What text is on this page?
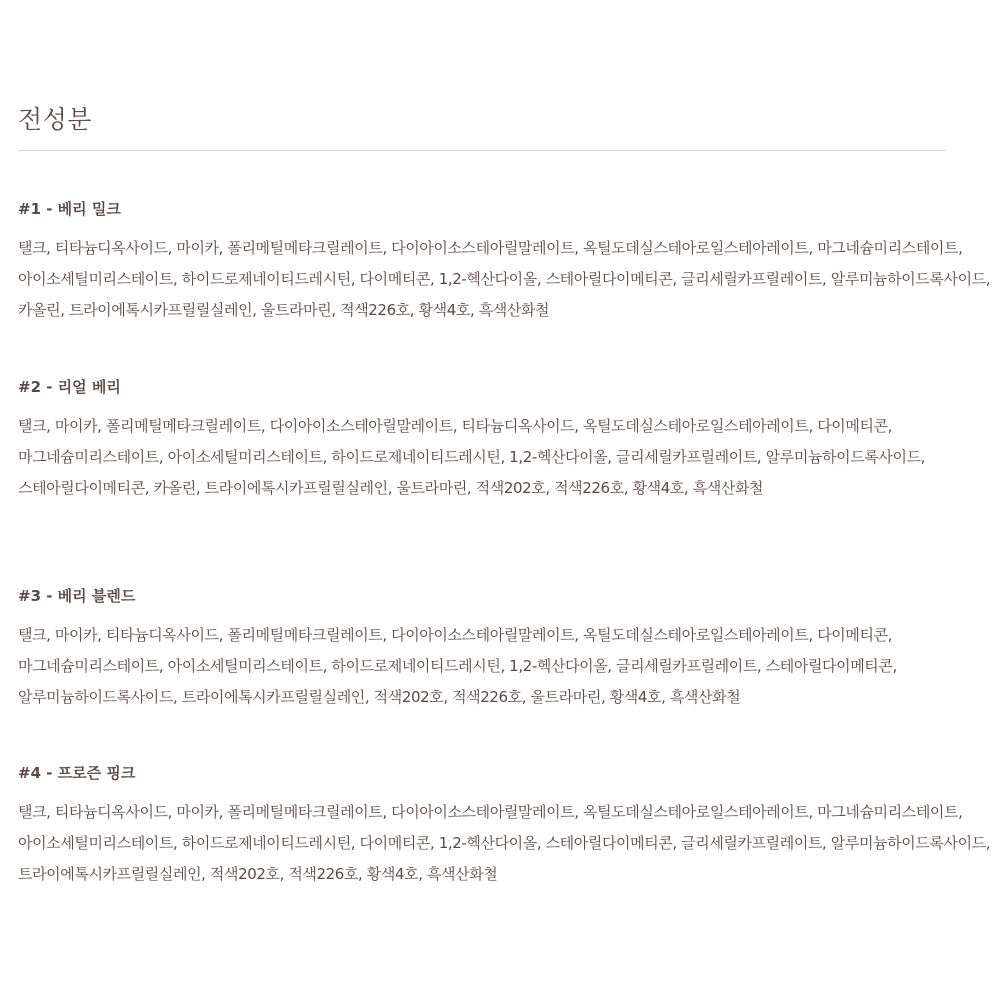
전성분
#1 - 베리 밀크

탤크, 티타늄디옥사이드, 마이카, 폴리메틸메타크릴레이트, 다이아이소스테아릴말레이트, 옥틸도데실스테아로일스테아레이트, 마그네슘미리스테이트, 아이소세틸미리스테이트, 하이드로제네이티드레시틴, 다이메티콘, 1,2-헥산다이올, 스테아릴다이메티콘, 글리세릴카프릴레이트, 알루미늄하이드록사이드, 카올린, 트라이에톡시카프릴릴실레인, 울트라마린, 적색226호, 황색4호, 흑색산화철

#2 - 리얼 베리

탤크, 마이카, 폴리메틸메타크릴레이트, 다이아이소스테아릴말레이트, 티타늄디옥사이드, 옥틸도데실스테아로일스테아레이트, 다이메티콘, 마그네슘미리스테이트, 아이소세틸미리스테이트, 하이드로제네이티드레시틴, 1,2-헥산다이올, 글리세릴카프릴레이트, 알루미늄하이드록사이드, 스테아릴다이메티콘, 카올린, 트라이에톡시카프릴릴실레인, 울트라마린, 적색202호, 적색226호, 황색4호, 흑색산화철

#3 - 베리 블렌드

탤크, 마이카, 티타늄디옥사이드, 폴리메틸메타크릴레이트, 다이아이소스테아릴말레이트, 옥틸도데실스테아로일스테아레이트, 다이메티콘, 마그네슘미리스테이트, 아이소세틸미리스테이트, 하이드로제네이티드레시틴, 1,2-헥산다이올, 글리세릴카프릴레이트, 스테아릴다이메티콘, 알루미늄하이드록사이드, 트라이에톡시카프릴릴실레인, 적색202호, 적색226호, 울트라마린, 황색4호, 흑색산화철

#4 - 프로즌 핑크

탤크, 티타늄디옥사이드, 마이카, 폴리메틸메타크릴레이트, 다이아이소스테아릴말레이트, 옥틸도데실스테아로일스테아레이트, 마그네슘미리스테이트, 아이소세틸미리스테이트, 하이드로제네이티드레시틴, 다이메티콘, 1,2-헥산다이올, 스테아릴다이메티콘, 글리세릴카프릴레이트, 알루미늄하이드록사이드, 트라이에톡시카프릴릴실레인, 적색202호, 적색226호, 황색4호, 흑색산화철
